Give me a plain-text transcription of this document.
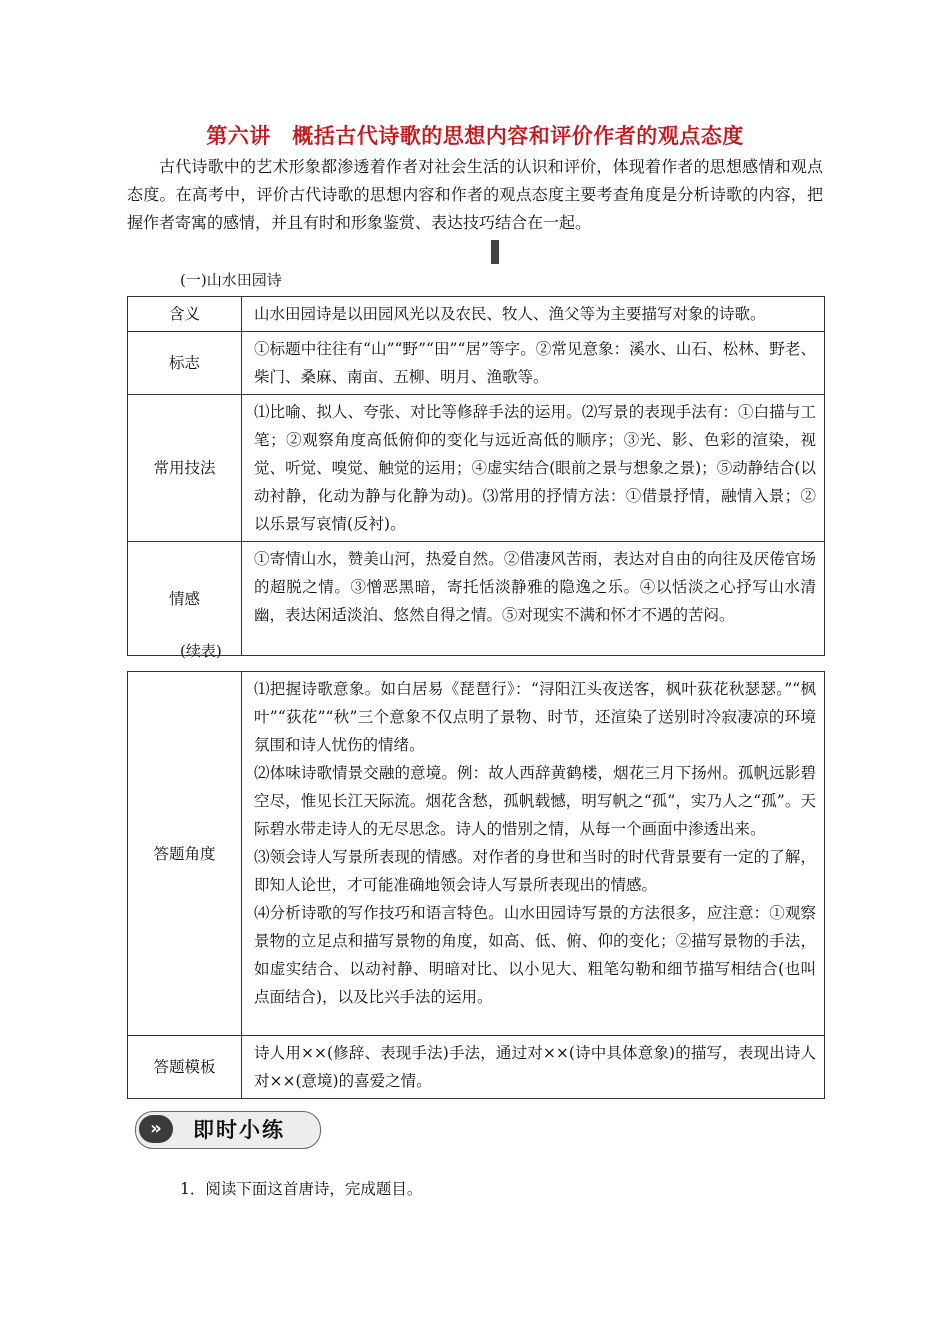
第六讲　概括古代诗歌的思想内容和评价作者的观点态度
古代诗歌中的艺术形象都渗透着作者对社会生活的认识和评价，体现着作者的思想感情和观点态度。在高考中，评价古代诗歌的思想内容和作者的观点态度主要考查角度是分析诗歌的内容，把握作者寄寓的感情，并且有时和形象鉴赏、表达技巧结合在一起。
(一)山水田园诗
含义	山水田园诗是以田园风光以及农民、牧人、渔父等为主要描写对象的诗歌。
标志	①标题中往往有“山”“野”“田”“居”等字。②常见意象：溪水、山石、松林、野老、柴门、桑麻、南亩、五柳、明月、渔歌等。
常用技法	⑴比喻、拟人、夸张、对比等修辞手法的运用。⑵写景的表现手法有：①白描与工笔；②观察角度高低俯仰的变化与远近高低的顺序；③光、影、色彩的渲染，视觉、听觉、嗅觉、触觉的运用；④虚实结合(眼前之景与想象之景)；⑤动静结合(以动衬静，化动为静与化静为动)。⑶常用的抒情方法：①借景抒情，融情入景；②以乐景写哀情(反衬)。
情感	①寄情山水，赞美山河，热爱自然。②借凄风苦雨，表达对自由的向往及厌倦官场的超脱之情。③憎恶黑暗，寄托恬淡静雅的隐逸之乐。④以恬淡之心抒写山水清幽，表达闲适淡泊、悠然自得之情。⑤对现实不满和怀才不遇的苦闷。
(续表)
答题角度	⑴把握诗歌意象。如白居易《琵琶行》：“浔阳江头夜送客，枫叶荻花秋瑟瑟。”“枫叶”“荻花”“秋”三个意象不仅点明了景物、时节，还渲染了送别时冷寂凄凉的环境氛围和诗人忧伤的情绪。
⑵体味诗歌情景交融的意境。例：故人西辞黄鹤楼，烟花三月下扬州。孤帆远影碧空尽，惟见长江天际流。烟花含愁，孤帆载憾，明写帆之“孤”，实乃人之“孤”。天际碧水带走诗人的无尽思念。诗人的惜别之情，从每一个画面中渗透出来。
⑶领会诗人写景所表现的情感。对作者的身世和当时的时代背景要有一定的了解，即知人论世，才可能准确地领会诗人写景所表现出的情感。
⑷分析诗歌的写作技巧和语言特色。山水田园诗写景的方法很多，应注意：①观察景物的立足点和描写景物的角度，如高、低、俯、仰的变化；②描写景物的手法，如虚实结合、以动衬静、明暗对比、以小见大、粗笔勾勒和细节描写相结合(也叫点面结合)，以及比兴手法的运用。

答题模板	诗人用××(修辞、表现手法)手法，通过对××(诗中具体意象)的描写，表现出诗人对××(意境)的喜爱之情。
»	即时小练
1．阅读下面这首唐诗，完成题目。
